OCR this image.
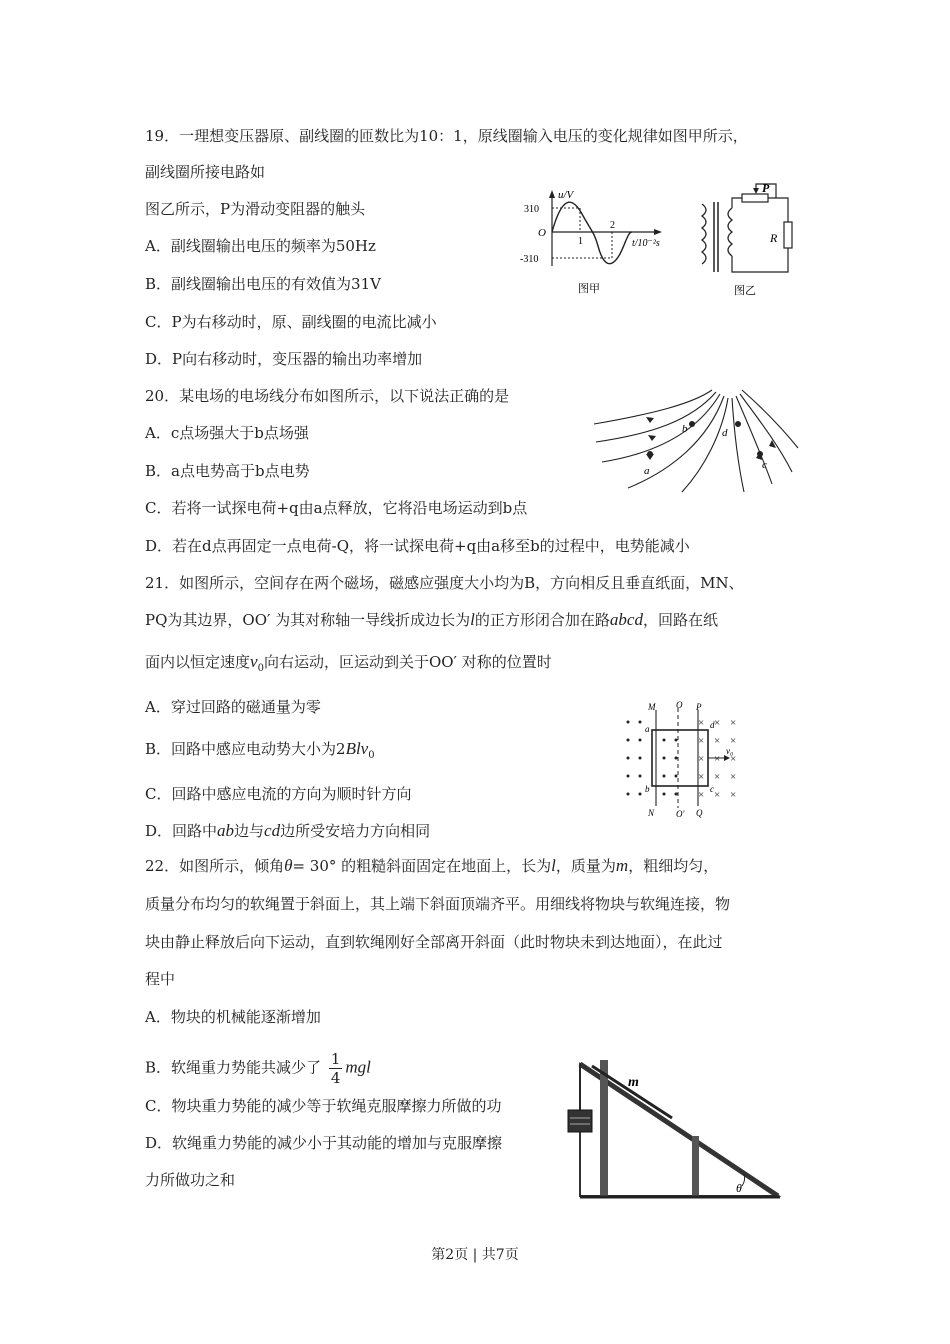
19．一理想变压器原、副线圈的匝数比为10：1，原线圈输入电压的变化规律如图甲所示，
副线圈所接电路如
图乙所示，P为滑动变阻器的触头
A．副线圈输出电压的频率为50Hz
B．副线圈输出电压的有效值为31V
C．P为右移动时，原、副线圈的电流比减小
D．P向右移动时，变压器的输出功率增加
u/V
310
-310
O
1
2
t/10⁻²s
图甲
P
R
图乙
20．某电场的电场线分布如图所示，以下说法正确的是
A．c点场强大于b点场强
B．a点电势高于b点电势
C．若将一试探电荷+q由a点释放，它将沿电场运动到b点
D．若在d点再固定一点电荷-Q，将一试探电荷+q由a移至b的过程中，电势能减小
a
b
c
d
21．如图所示，空间存在两个磁场，磁感应强度大小均为B，方向相反且垂直纸面，MN、
PQ为其边界，OO′ 为其对称轴一导线折成边长为l的正方形闭合加在路abcd，回路在纸
面内以恒定速度$v_0$向右运动，叵运动到关于OO′ 对称的位置时
A．穿过回路的磁通量为零
B．回路中感应电动势大小为2Blv$_0$
C．回路中感应电流的方向为顺时针方向
D．回路中ab边与cd边所受安培力方向相同
× × ×
× × ×
× × ×
× × ×
× × ×
M O P
N O′ Q
a
b	c
d
v₀
22．如图所示，倾角θ= 30° 的粗糙斜面固定在地面上，长为l，质量为m，粗细均匀，
质量分布均匀的软绳置于斜面上，其上端下斜面顶端齐平。用细线将物块与软绳连接，物
块由静止释放后向下运动，直到软绳刚好全部离开斜面（此时物块未到达地面），在此过
程中
A．物块的机械能逐渐增加
B．软绳重力势能共减少了 $\frac{1}{4}$ mgl
C．物块重力势能的减少等于软绳克服摩擦力所做的功
D．软绳重力势能的减少小于其动能的增加与克服摩擦
力所做功之和
m
θ
第2页 | 共7页
